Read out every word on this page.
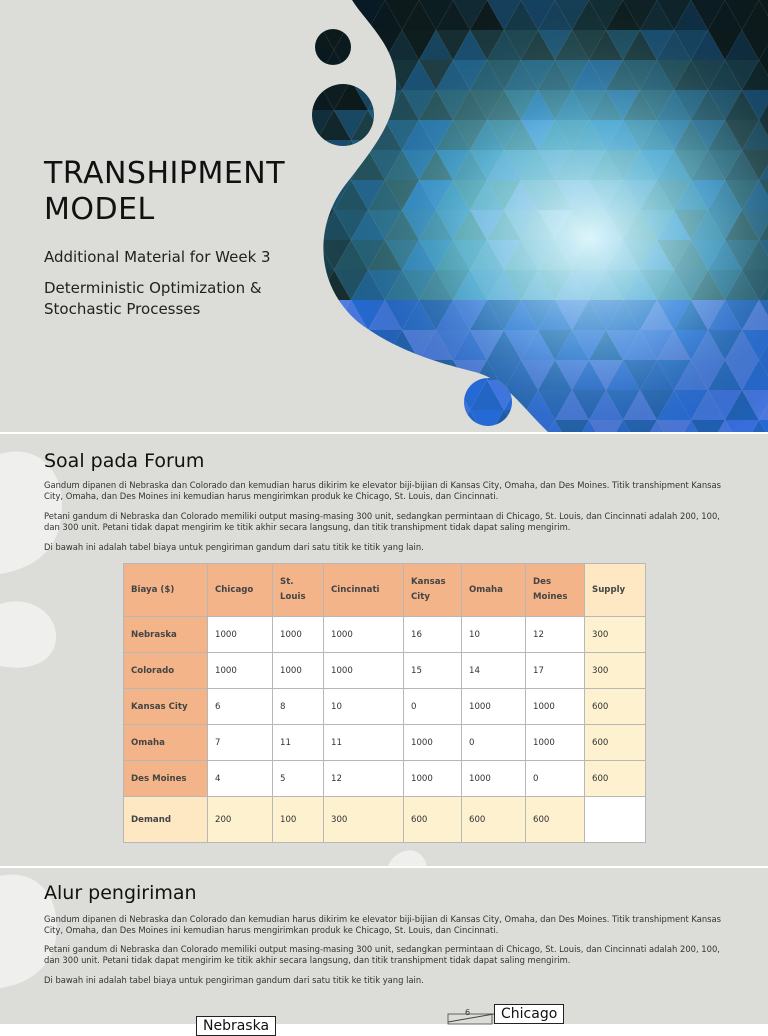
TRANSHIPMENT MODEL
Additional Material for Week 3
Deterministic Optimization & Stochastic Processes
Soal pada Forum

Gandum dipanen di Nebraska dan Colorado dan kemudian harus dikirim ke elevator biji-bijian di Kansas City, Omaha, dan Des Moines. Titik transhipment Kansas City, Omaha, dan Des Moines ini kemudian harus mengirimkan produk ke Chicago, St. Louis, dan Cincinnati.

Petani gandum di Nebraska dan Colorado memiliki output masing-masing 300 unit, sedangkan permintaan di Chicago, St. Louis, dan Cincinnati adalah 200, 100, dan 300 unit. Petani tidak dapat mengirim ke titik akhir secara langsung, dan titik transhipment tidak dapat saling mengirim.

Di bawah ini adalah tabel biaya untuk pengiriman gandum dari satu titik ke titik yang lain.

Biaya ($)	Chicago	St. Louis	Cincinnati	Kansas City	Omaha	Des Moines	Supply
Nebraska	1000	1000	1000	16	10	12	300
Colorado	1000	1000	1000	15	14	17	300
Kansas City	6	8	10	0	1000	1000	600
Omaha	7	11	11	1000	0	1000	600
Des Moines	4	5	12	1000	1000	0	600
Demand	200	100	300	600	600	600	
Alur pengiriman

Gandum dipanen di Nebraska dan Colorado dan kemudian harus dikirim ke elevator biji-bijian di Kansas City, Omaha, dan Des Moines. Titik transhipment Kansas City, Omaha, dan Des Moines ini kemudian harus mengirimkan produk ke Chicago, St. Louis, dan Cincinnati.

Petani gandum di Nebraska dan Colorado memiliki output masing-masing 300 unit, sedangkan permintaan di Chicago, St. Louis, dan Cincinnati adalah 200, 100, dan 300 unit. Petani tidak dapat mengirim ke titik akhir secara langsung, dan titik transhipment tidak dapat saling mengirim.

Di bawah ini adalah tabel biaya untuk pengiriman gandum dari satu titik ke titik yang lain.

Nebraska
Chicago
6
